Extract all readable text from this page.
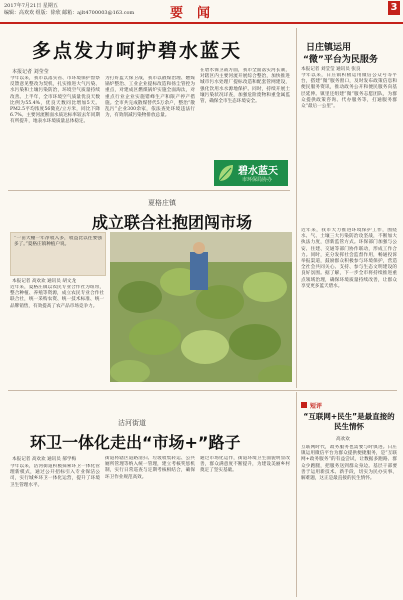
2017年7月21日 星期五
编辑：高欢欢 组版：徐欣 邮箱：ajlt4700003@163.com	要闻	3
多点发力呵护碧水蓝天
本报记者 刘莹莹
今年以来，我市以落实省、市环境保护督察反馈意见整改为契机，扎实推进大气污染、水污染和土壤污染防治，环境空气质量持续改善。上半年，全市环境空气质量优良天数比例为55.4%，优良天数同比增加5天。PM2.5平均浓度56微克/立方米，同比下降6.7%。主要河流断面水质达标率较去年同期有所提升，地表水环境质量总体稳定。
为打好蓝天保卫战，我市以散煤治理、燃煤锅炉整治、工业企业提标改造和扬尘管控为重点，对建成区燃煤锅炉实施全面淘汰，对重点行业企业实施错峰生产和限产停产措施。全市共完成散煤替代5万余户，整治“散乱污”企业300余家，依法查处环境违法行为，有效削减污染物排放总量。
在碧水保卫战方面，我市全面落实河长制，对辖区内主要河流开展综合整治，加快推进城市污水处理厂提标改造和配套管网建设，强化饮用水水源地保护。同时，持续开展土壤污染状况详查，加强危险废物和重金属监管，确保全市生态环境安全。
碧水蓝天
市环保局协办
日庄镇运用
“微”平台为民服务
本报记者 刘莹莹 通讯员 张良
今年以来，日庄镇积极运用微信公众号等平台，搭建“微”服务窗口，及时发布政策信息和便民服务资讯，推动政务公开和便民服务向基层延伸。镇里还组建“微”服务志愿团队，为群众提供政策咨询、代办服务等，打通服务群众“最后一公里”。
近年来，我市大力推进环境保护工作，围绕水、气、土壤三大污染防治攻坚战，不断加大执法力度，创新监管方式。环保部门加强与公安、住建、交通等部门协作联动，形成工作合力。同时，充分发挥社会监督作用，畅通投诉举报渠道，鼓励群众积极参与环境保护，营造全社会共同关心、支持、参与生态文明建设的良好氛围。据了解，下一步全市将持续推进重点领域治理，确保环境质量持续改善，让群众享受更多蓝天碧水。
夏格庄镇
成立联合社抱团闯市场
“一亩大棚一年净收入多，收益比以往要强多了。”夏格庄镇种植户说。
本报记者 高欢欢 通讯员 胡文龙
近年来，夏格庄镇以农民专业合作社为纽带，整合种植、养殖等资源，成立农民专业合作社联合社，统一采购农资、统一技术标准、统一品牌销售，有效提高了农产品市场竞争力。
沽河街道
环卫一体化走出“市场+”路子
本报记者 高欢欢 通讯员 郝学梅
今年以来，沽河街道积极探索环卫一体化管理新模式，通过公开招标引入专业保洁公司，实行城乡环卫一体化运营，提升了环境卫生管理水平。
街道将辖区道路清扫、垃圾收集转运、公共厕所管理等纳入统一管理，建立考核奖惩机制，实行日常巡查与定期考核相结合，确保环卫作业规范高效。
通过市场化运作，街道环境卫生面貌明显改善，群众满意度不断提升，为建设美丽乡村奠定了坚实基础。
短评
“互联网+民生”是最直接的民生情怀
高欢欢
互联网时代，政务服务也需要与时俱进。日庄镇运用微信平台为群众提供便捷服务，是“互联网+政务服务”的有益尝试，让数据多跑路、群众少跑腿，把服务送到群众身边。基层干部要善于运用新技术、新手段，切实为民办实事、解难题，这正是最直接的民生情怀。
